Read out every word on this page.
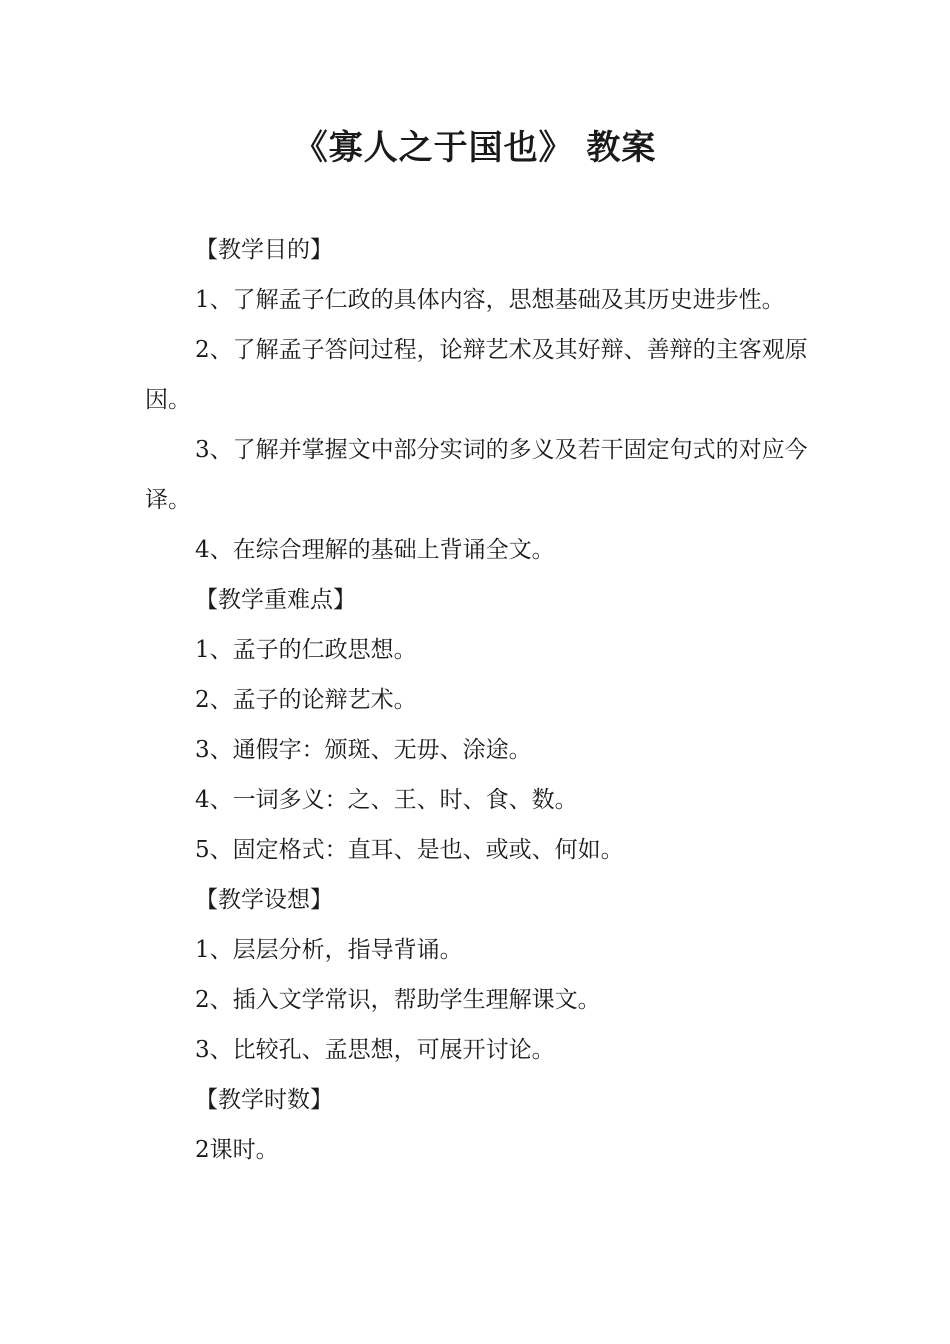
《寡人之于国也》 教案

【教学目的】

1、了解孟子仁政的具体内容，思想基础及其历史进步性。

2、了解孟子答问过程，论辩艺术及其好辩、善辩的主客观原因。

3、了解并掌握文中部分实词的多义及若干固定句式的对应今译。

4、在综合理解的基础上背诵全文。

【教学重难点】

1、孟子的仁政思想。

2、孟子的论辩艺术。

3、通假字：颁斑、无毋、涂途。

4、一词多义：之、王、时、食、数。

5、固定格式：直耳、是也、或或、何如。

【教学设想】

1、层层分析，指导背诵。

2、插入文学常识，帮助学生理解课文。

3、比较孔、孟思想，可展开讨论。

【教学时数】

2课时。
